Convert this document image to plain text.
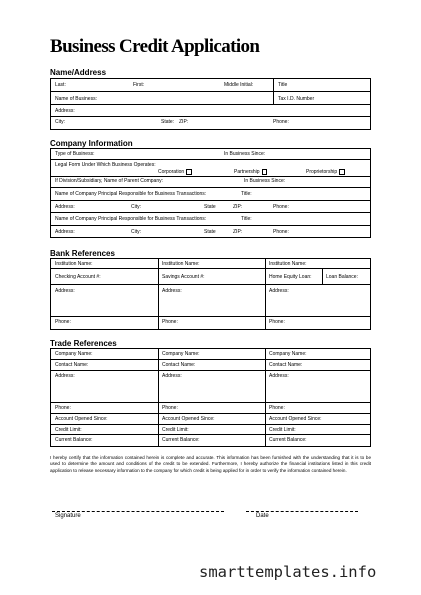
Business Credit Application
Name/Address
Last:	First:	Middle Initial:	Title
Name of Business:	Tax I.D. Number
Address:
City:	State: ZIP:	Phone:
Company Information
Type of Business:	In Business Since:
Legal Form Under Which Business Operates:
Corporation	Partnership	Proprietorship
If Division/Subsidiary, Name of Parent Company:	In Business Since:
Name of Company Principal Responsible for Business Transactions:	Title:
Address:	City:	State	ZIP:	Phone:
Name of Company Principal Responsible for Business Transactions:	Title:
Address:	City:	State	ZIP:	Phone:
Bank References
Institution Name:	Institution Name:	Institution Name:
Checking Account #:	Savings Account #:	Home Equity Loan:	Loan Balance:
Address:	Address:	Address:
Phone:	Phone:	Phone:
Trade References
Company Name:	Company Name:	Company Name:
Contact Name:	Contact Name:	Contact Name:
Address:	Address:	Address:
Phone:	Phone:	Phone:
Account Opened Since:	Account Opened Since:	Account Opened Since:
Credit Limit:	Credit Limit:	Credit Limit:
Current Balance:	Current Balance:	Current Balance:
I hereby certify that the information contained herein is complete and accurate. This information has been furnished with the understanding that it is to be used to determine the amount and conditions of the credit to be extended. Furthermore, I hereby authorize the financial institutions listed in this credit application to release necessary information to the company for which credit is being applied for in order to verify the information contained herein.
Signature	Date
smarttemplates.info
